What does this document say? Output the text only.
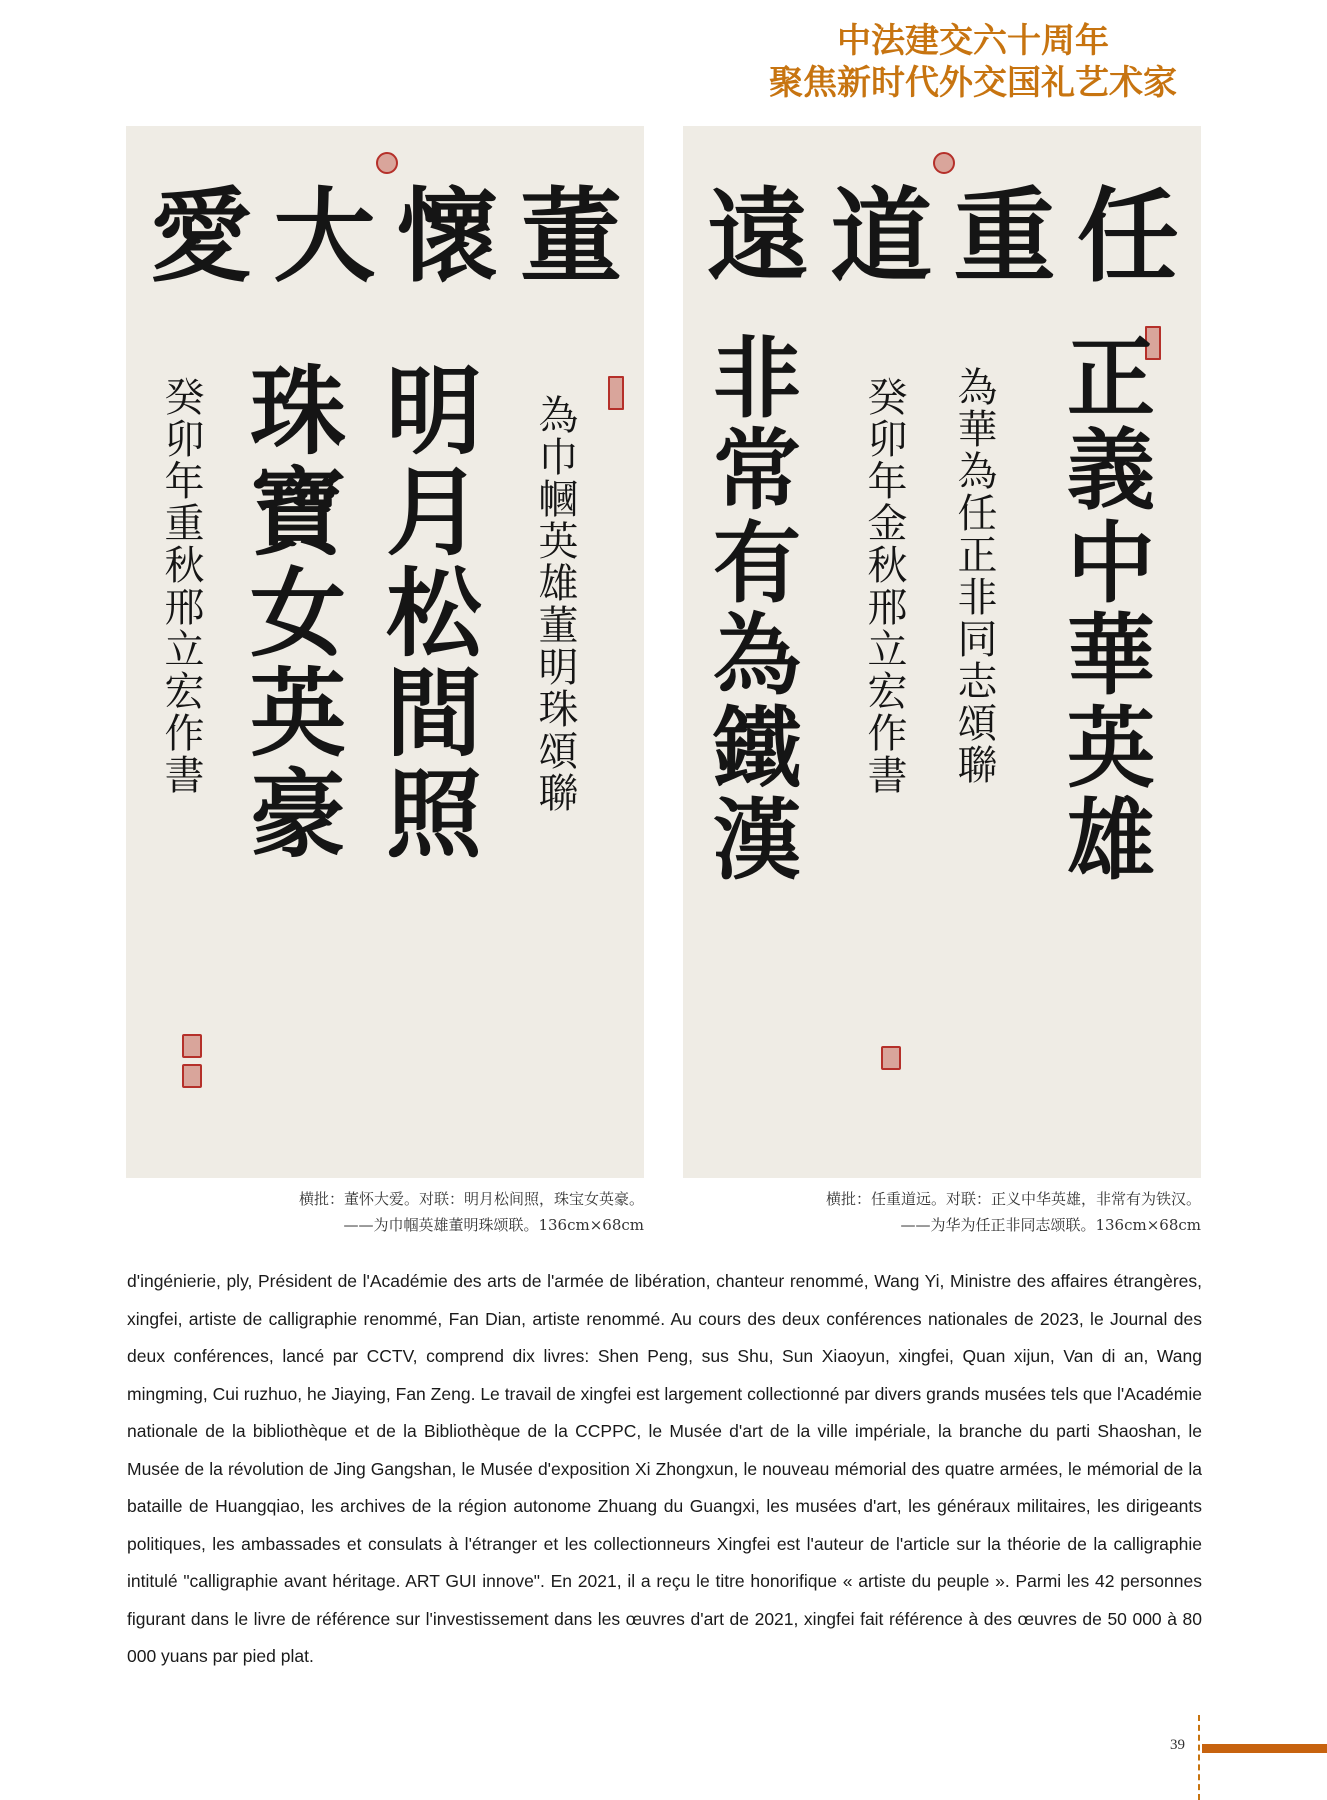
中法建交六十周年
聚焦新时代外交国礼艺术家
愛 大 懷 董
為巾幗英雄董明珠頌聯
明
月
松
間
照
珠
寶
女
英
豪
癸卯年重秋邢立宏作書
遠 道 重 任
正
義
中
華
英
雄
為華為任正非同志頌聯
癸卯年金秋邢立宏作書
非
常
有
為
鐵
漢
横批：董怀大爱。对联：明月松间照，珠宝女英豪。
——为巾帼英雄董明珠颂联。136cm×68cm
横批：任重道远。对联：正义中华英雄，非常有为铁汉。
——为华为任正非同志颂联。136cm×68cm

d'ingénierie, ply, Président de l'Académie des arts de l'armée de libération, chanteur renommé, Wang Yi, Ministre des affaires étrangères, xingfei, artiste de calligraphie renommé, Fan Dian, artiste renommé. Au cours des deux conférences nationales de 2023, le Journal des deux conférences, lancé par CCTV, comprend dix livres: Shen Peng, sus Shu, Sun Xiaoyun, xingfei, Quan xijun, Van di an, Wang mingming, Cui ruzhuo, he Jiaying, Fan Zeng. Le travail de xingfei est largement collectionné par divers grands musées tels que l'Académie nationale de la bibliothèque et de la Bibliothèque de la CCPPC, le Musée d'art de la ville impériale, la branche du parti Shaoshan, le Musée de la révolution de Jing Gangshan, le Musée d'exposition Xi Zhongxun, le nouveau mémorial des quatre armées, le mémorial de la bataille de Huangqiao, les archives de la région autonome Zhuang du Guangxi, les musées d'art, les généraux militaires, les dirigeants politiques, les ambassades et consulats à l'étranger et les collectionneurs Xingfei est l'auteur de l'article sur la théorie de la calligraphie intitulé "calligraphie avant héritage. ART GUI innove". En 2021, il a reçu le titre honorifique « artiste du peuple ». Parmi les 42 personnes figurant dans le livre de référence sur l'investissement dans les œuvres d'art de 2021, xingfei fait référence à des œuvres de 50 000 à 80 000 yuans par pied plat.

39
